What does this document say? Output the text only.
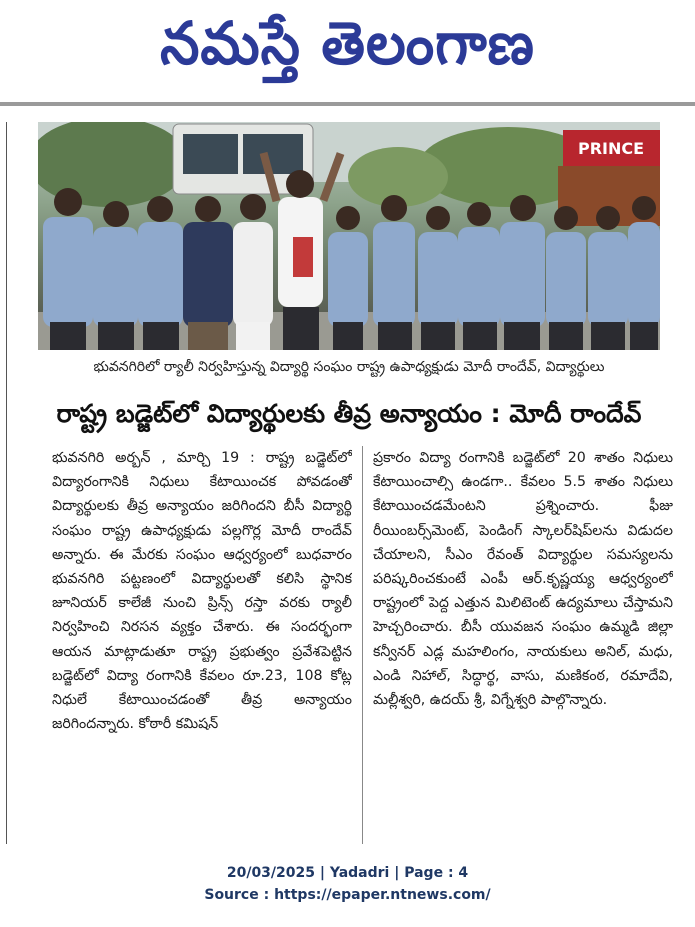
నమస్తే తెలంగాణ
PRINCE
భువనగిరిలో ర్యాలీ నిర్వహిస్తున్న విద్యార్థి సంఘం రాష్ట్ర ఉపాధ్యక్షుడు మోదీ రాందేవ్‌, విద్యార్థులు
రాష్ట్ర బడ్జెట్‌లో విద్యార్థులకు తీవ్ర అన్యాయం : మోదీ రాందేవ్‌

భువనగిరి అర్బన్‌ , మార్చి 19 : రాష్ట్ర బడ్జెట్‌లో విద్యారంగానికి నిధులు కేటాయించక పోవడంతో విద్యార్థులకు తీవ్ర అన్యాయం జరిగిందని బీసీ విద్యార్థి సంఘం రాష్ట్ర ఉపాధ్యక్షుడు పల్లగొర్ల మోదీ రాందేవ్‌ అన్నారు. ఈ మేరకు సంఘం ఆధ్వర్యంలో బుధవారం భువనగిరి పట్టణంలో విద్యార్థులతో కలిసి స్థానిక జూనియర్‌ కాలేజీ నుంచి ప్రిన్స్‌ రస్తా వరకు ర్యాలీ నిర్వహించి నిరసన వ్యక్తం చేశారు. ఈ సందర్భంగా ఆయన మాట్లాడుతూ రాష్ట్ర ప్రభుత్వం ప్రవేశపెట్టిన బడ్జెట్‌లో విద్యా రంగానికి కేవలం రూ.23, 108 కోట్ల నిధులే కేటాయించడంతో తీవ్ర అన్యాయం జరిగిందన్నారు. కోఠారీ కమిషన్‌

ప్రకారం విద్యా రంగానికి బడ్జెట్‌లో 20 శాతం నిధులు కేటాయించాల్సి ఉండగా.. కేవలం 5.5 శాతం నిధులు కేటాయించడమేంటని ప్రశ్నించారు. ఫీజు రీయింబర్స్‌మెంట్‌, పెండింగ్‌ స్కాలర్‌షిప్‌లను విడుదల చేయాలని, సీఎం రేవంత్‌ విద్యార్థుల సమస్యలను పరిష్కరించకుంటే ఎంపీ ఆర్‌.కృష్ణయ్య ఆధ్వర్యంలో రాష్ట్రంలో పెద్ద ఎత్తున మిలిటెంట్‌ ఉద్యమాలు చేస్తామని హెచ్చరించారు. బీసీ యువజన సంఘం ఉమ్మడి జిల్లా కన్వీనర్‌ ఎడ్ల మహలింగం, నాయకులు అనిల్‌, మధు, ఎండి నిహాల్‌, సిద్ధార్థ, వాసు, మణికంఠ, రమాదేవి, మల్లీశ్వరి, ఉదయ్‌ శ్రీ, విగ్నేశ్వరి పాల్గొన్నారు.

20/03/2025 | Yadadri | Page : 4
Source : https://epaper.ntnews.com/
